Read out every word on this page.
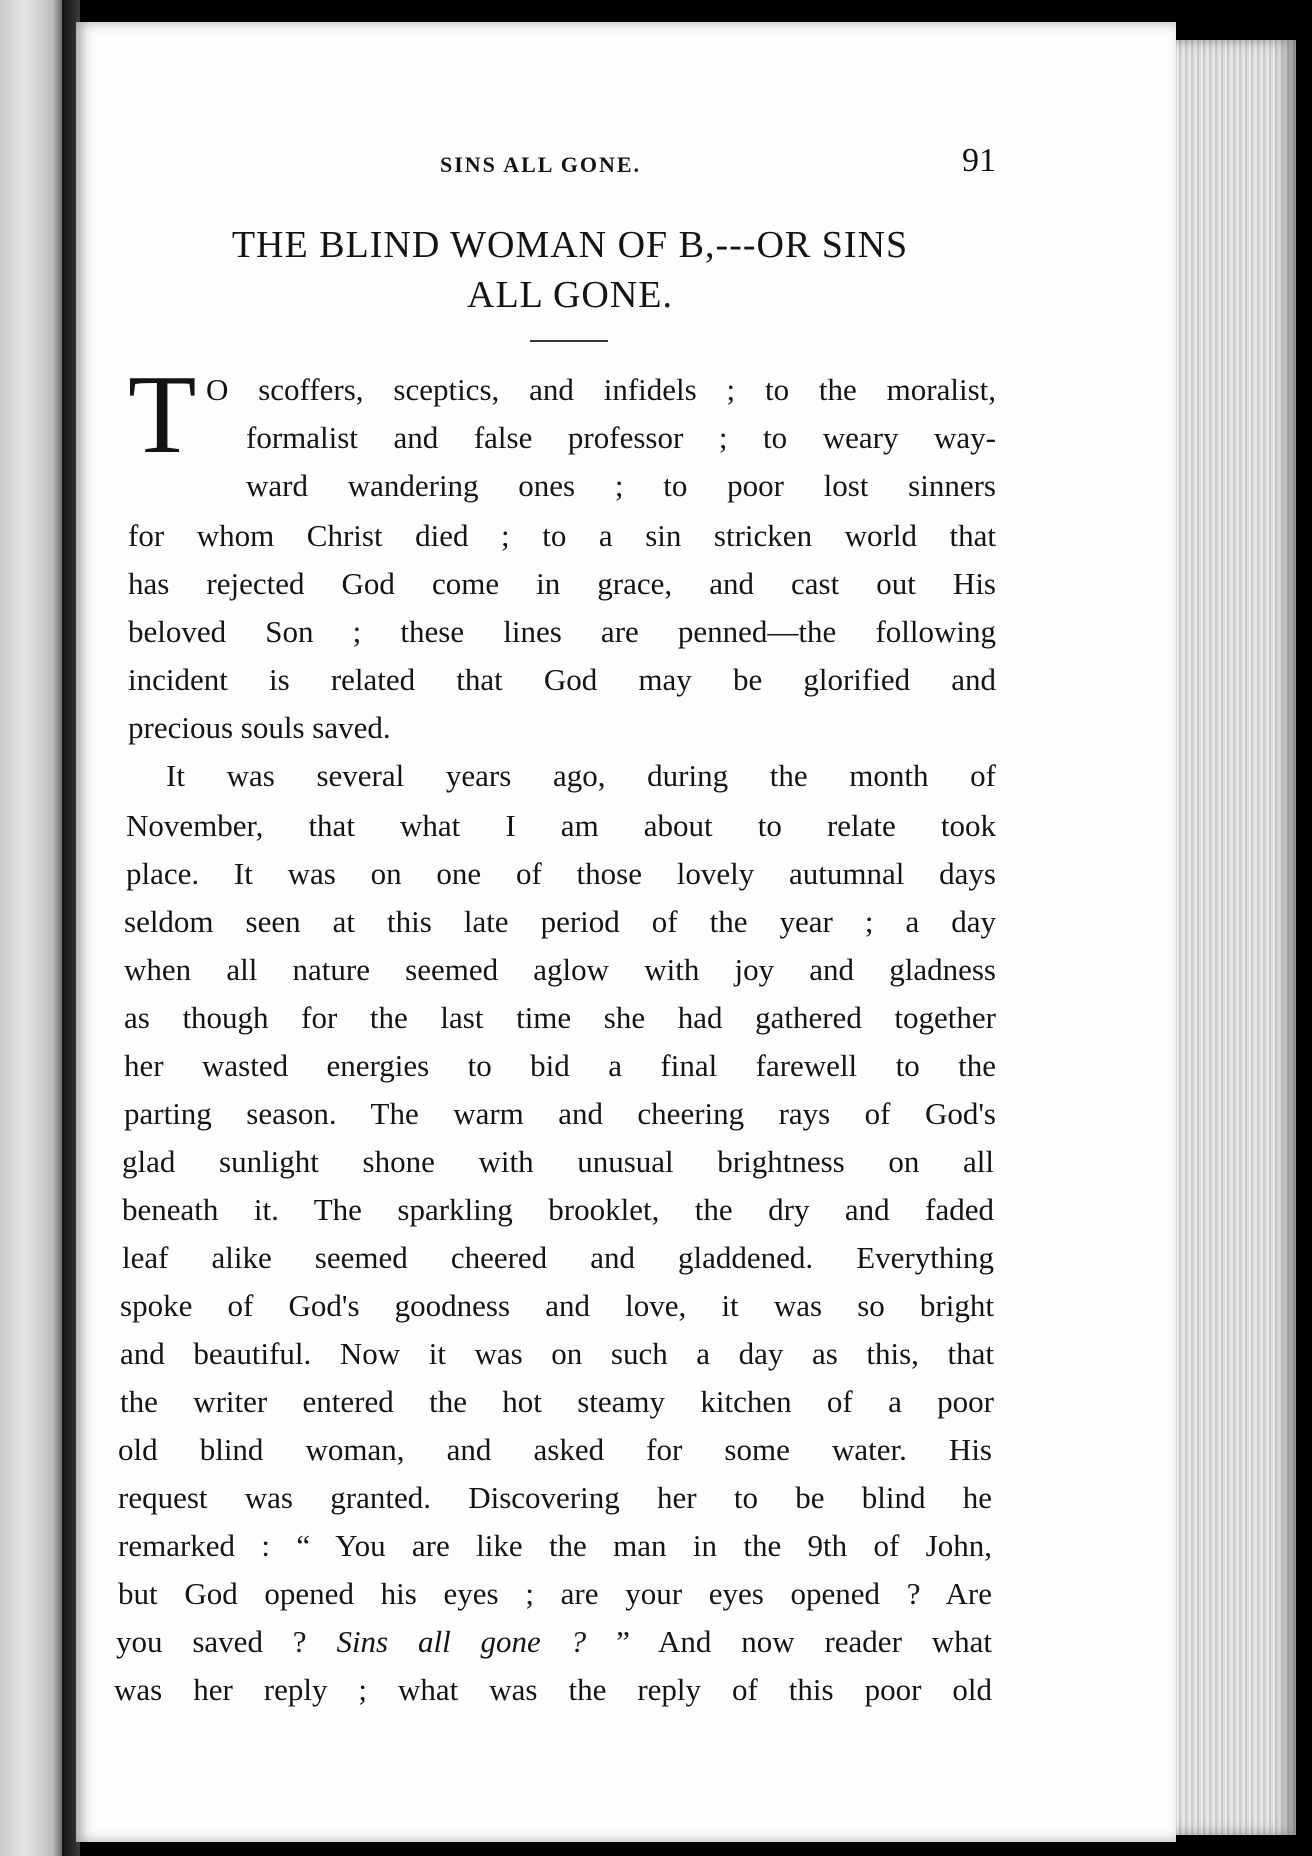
SINS ALL GONE.	91
THE BLIND WOMAN OF B,---OR SINS
ALL GONE.
T O scoffers, sceptics, and infidels ; to the moralist,
formalist and false professor ; to weary way-
ward wandering ones ; to poor lost sinners
for whom Christ died ; to a sin stricken world that
has rejected God come in grace, and cast out His
beloved Son ; these lines are penned—the following
incident is related that God may be glorified and
precious souls saved.
It was several years ago, during the month of
November, that what I am about to relate took
place. It was on one of those lovely autumnal days
seldom seen at this late period of the year ; a day
when all nature seemed aglow with joy and gladness
as though for the last time she had gathered together
her wasted energies to bid a final farewell to the
parting season. The warm and cheering rays of God's
glad sunlight shone with unusual brightness on all
beneath it. The sparkling brooklet, the dry and faded
leaf alike seemed cheered and gladdened. Everything
spoke of God's goodness and love, it was so bright
and beautiful. Now it was on such a day as this, that
the writer entered the hot steamy kitchen of a poor
old blind woman, and asked for some water. His
request was granted. Discovering her to be blind he
remarked : “ You are like the man in the 9th of John,
but God opened his eyes ; are your eyes opened ? Are
you saved ? Sins all gone ? ” And now reader what
was her reply ; what was the reply of this poor old
